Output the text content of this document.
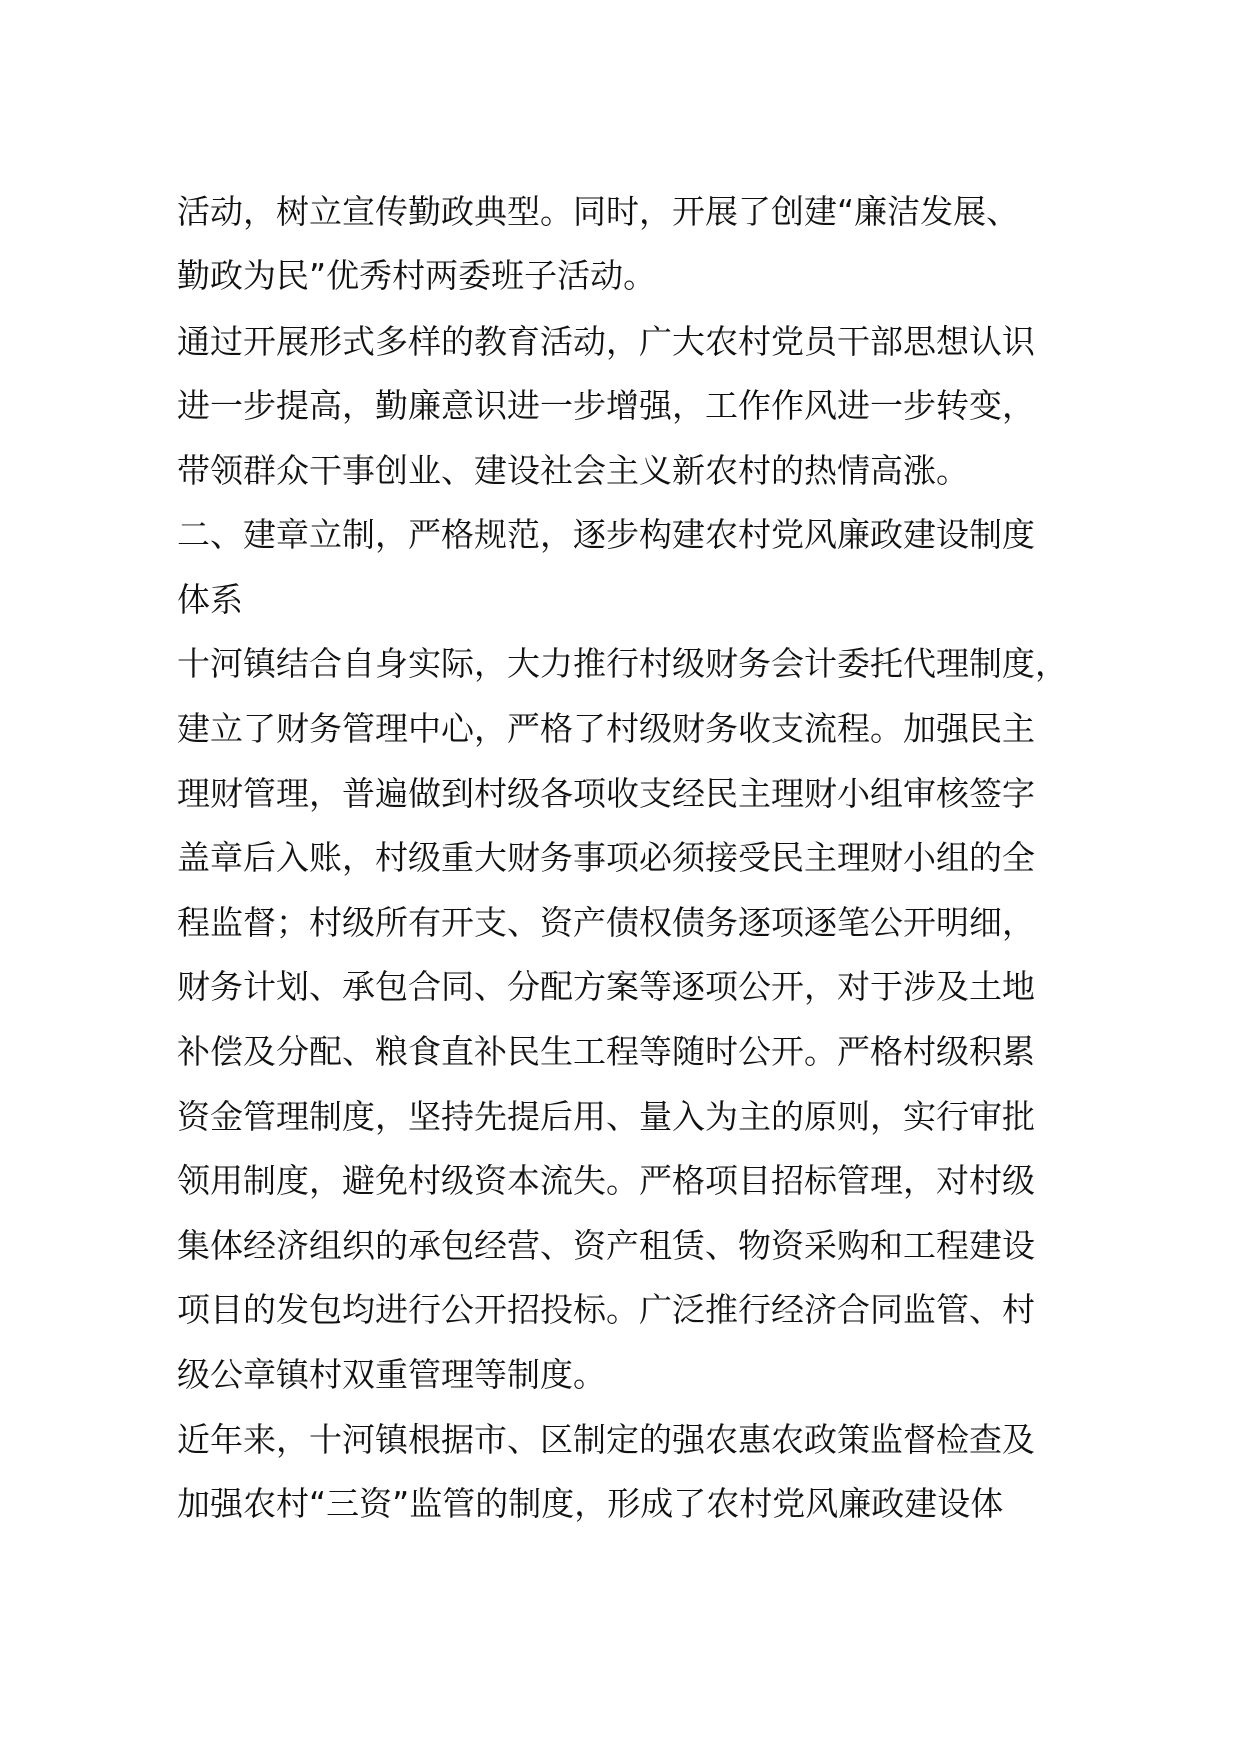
活动，树立宣传勤政典型。同时，开展了创建“廉洁发展、

勤政为民”优秀村两委班子活动。

通过开展形式多样的教育活动，广大农村党员干部思想认识

进一步提高，勤廉意识进一步增强，工作作风进一步转变，

带领群众干事创业、建设社会主义新农村的热情高涨。

二、建章立制，严格规范，逐步构建农村党风廉政建设制度

体系

十河镇结合自身实际，大力推行村级财务会计委托代理制度，

建立了财务管理中心，严格了村级财务收支流程。加强民主

理财管理，普遍做到村级各项收支经民主理财小组审核签字

盖章后入账，村级重大财务事项必须接受民主理财小组的全

程监督；村级所有开支、资产债权债务逐项逐笔公开明细，

财务计划、承包合同、分配方案等逐项公开，对于涉及土地

补偿及分配、粮食直补民生工程等随时公开。严格村级积累

资金管理制度，坚持先提后用、量入为主的原则，实行审批

领用制度，避免村级资本流失。严格项目招标管理，对村级

集体经济组织的承包经营、资产租赁、物资采购和工程建设

项目的发包均进行公开招投标。广泛推行经济合同监管、村

级公章镇村双重管理等制度。

近年来，十河镇根据市、区制定的强农惠农政策监督检查及

加强农村“三资”监管的制度，形成了农村党风廉政建设体
